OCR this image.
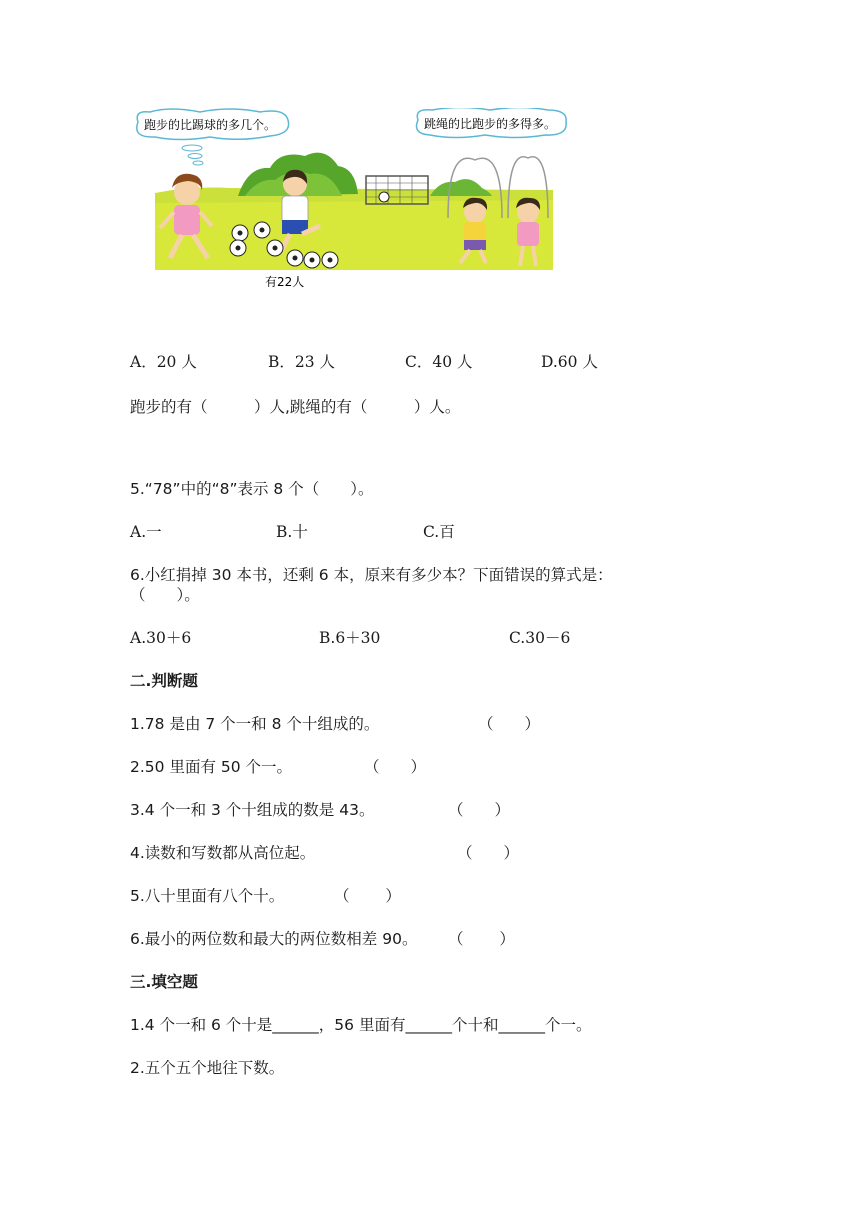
跑步的比踢球的多几个。	跳绳的比跑步的多得多。
有22人
A．20 人	B．23 人	C．40 人	D.60 人
跑步的有（　　　）人,跳绳的有（　　　）人。
5.“78”中的“8”表示 8 个（　　）。
A.一	B.十	C.百
6.小红捐掉 30 本书，还剩 6 本，原来有多少本？下面错误的算式是：
（　　）。
A.30＋6	B.6＋30	C.30－6
二.判断题
1.78 是由 7 个一和 8 个十组成的。	（　　）
2.50 里面有 50 个一。	（　　）
3.4 个一和 3 个十组成的数是 43。	（　　）
4.读数和写数都从高位起。	（　　）
5.八十里面有八个十。	（　　 ）
6.最小的两位数和最大的两位数相差 90。 （　　 ）
三.填空题
1.4 个一和 6 个十是______，56 里面有______个十和______个一。
2.五个五个地往下数。
